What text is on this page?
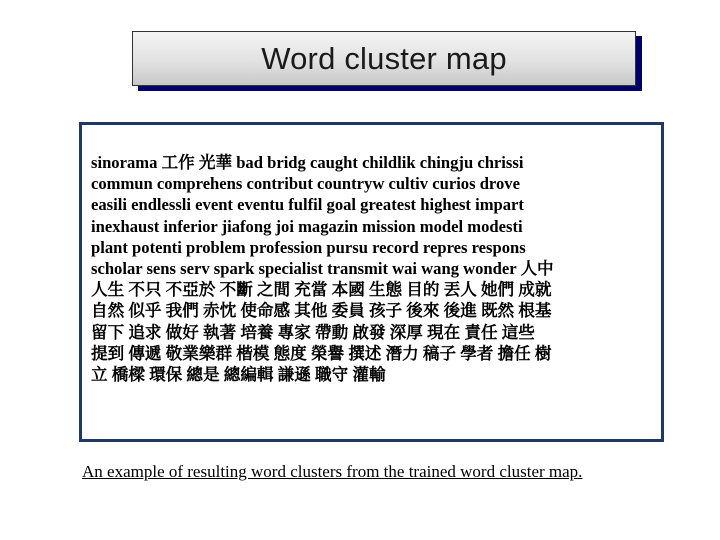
Word cluster map

sinorama 工作 光華 bad bridg caught childlik chingju chrissi
commun comprehens contribut countryw cultiv curios drove
easili endlessli event eventu fulfil goal greatest highest impart
inexhaust inferior jiafong joi magazin mission model modesti
plant potenti problem profession pursu record repres respons
scholar sens serv spark specialist transmit wai wang wonder 人中
人生 不只 不亞於 不斷 之間 充當 本國 生態 目的 丟人 她們 成就
自然 似乎 我們 赤忱 使命感 其他 委員 孩子 後來 後進 既然 根基
留下 追求 做好 執著 培養 專家 帶動 啟發 深厚 現在 責任 這些
提到 傳遞 敬業樂群 楷模 態度 榮譽 撰述 潛力 稿子 學者 擔任 樹
立 橋樑 環保 總是 總編輯 謙遜 職守 灌輸

An example of resulting word clusters from the trained word cluster map.
